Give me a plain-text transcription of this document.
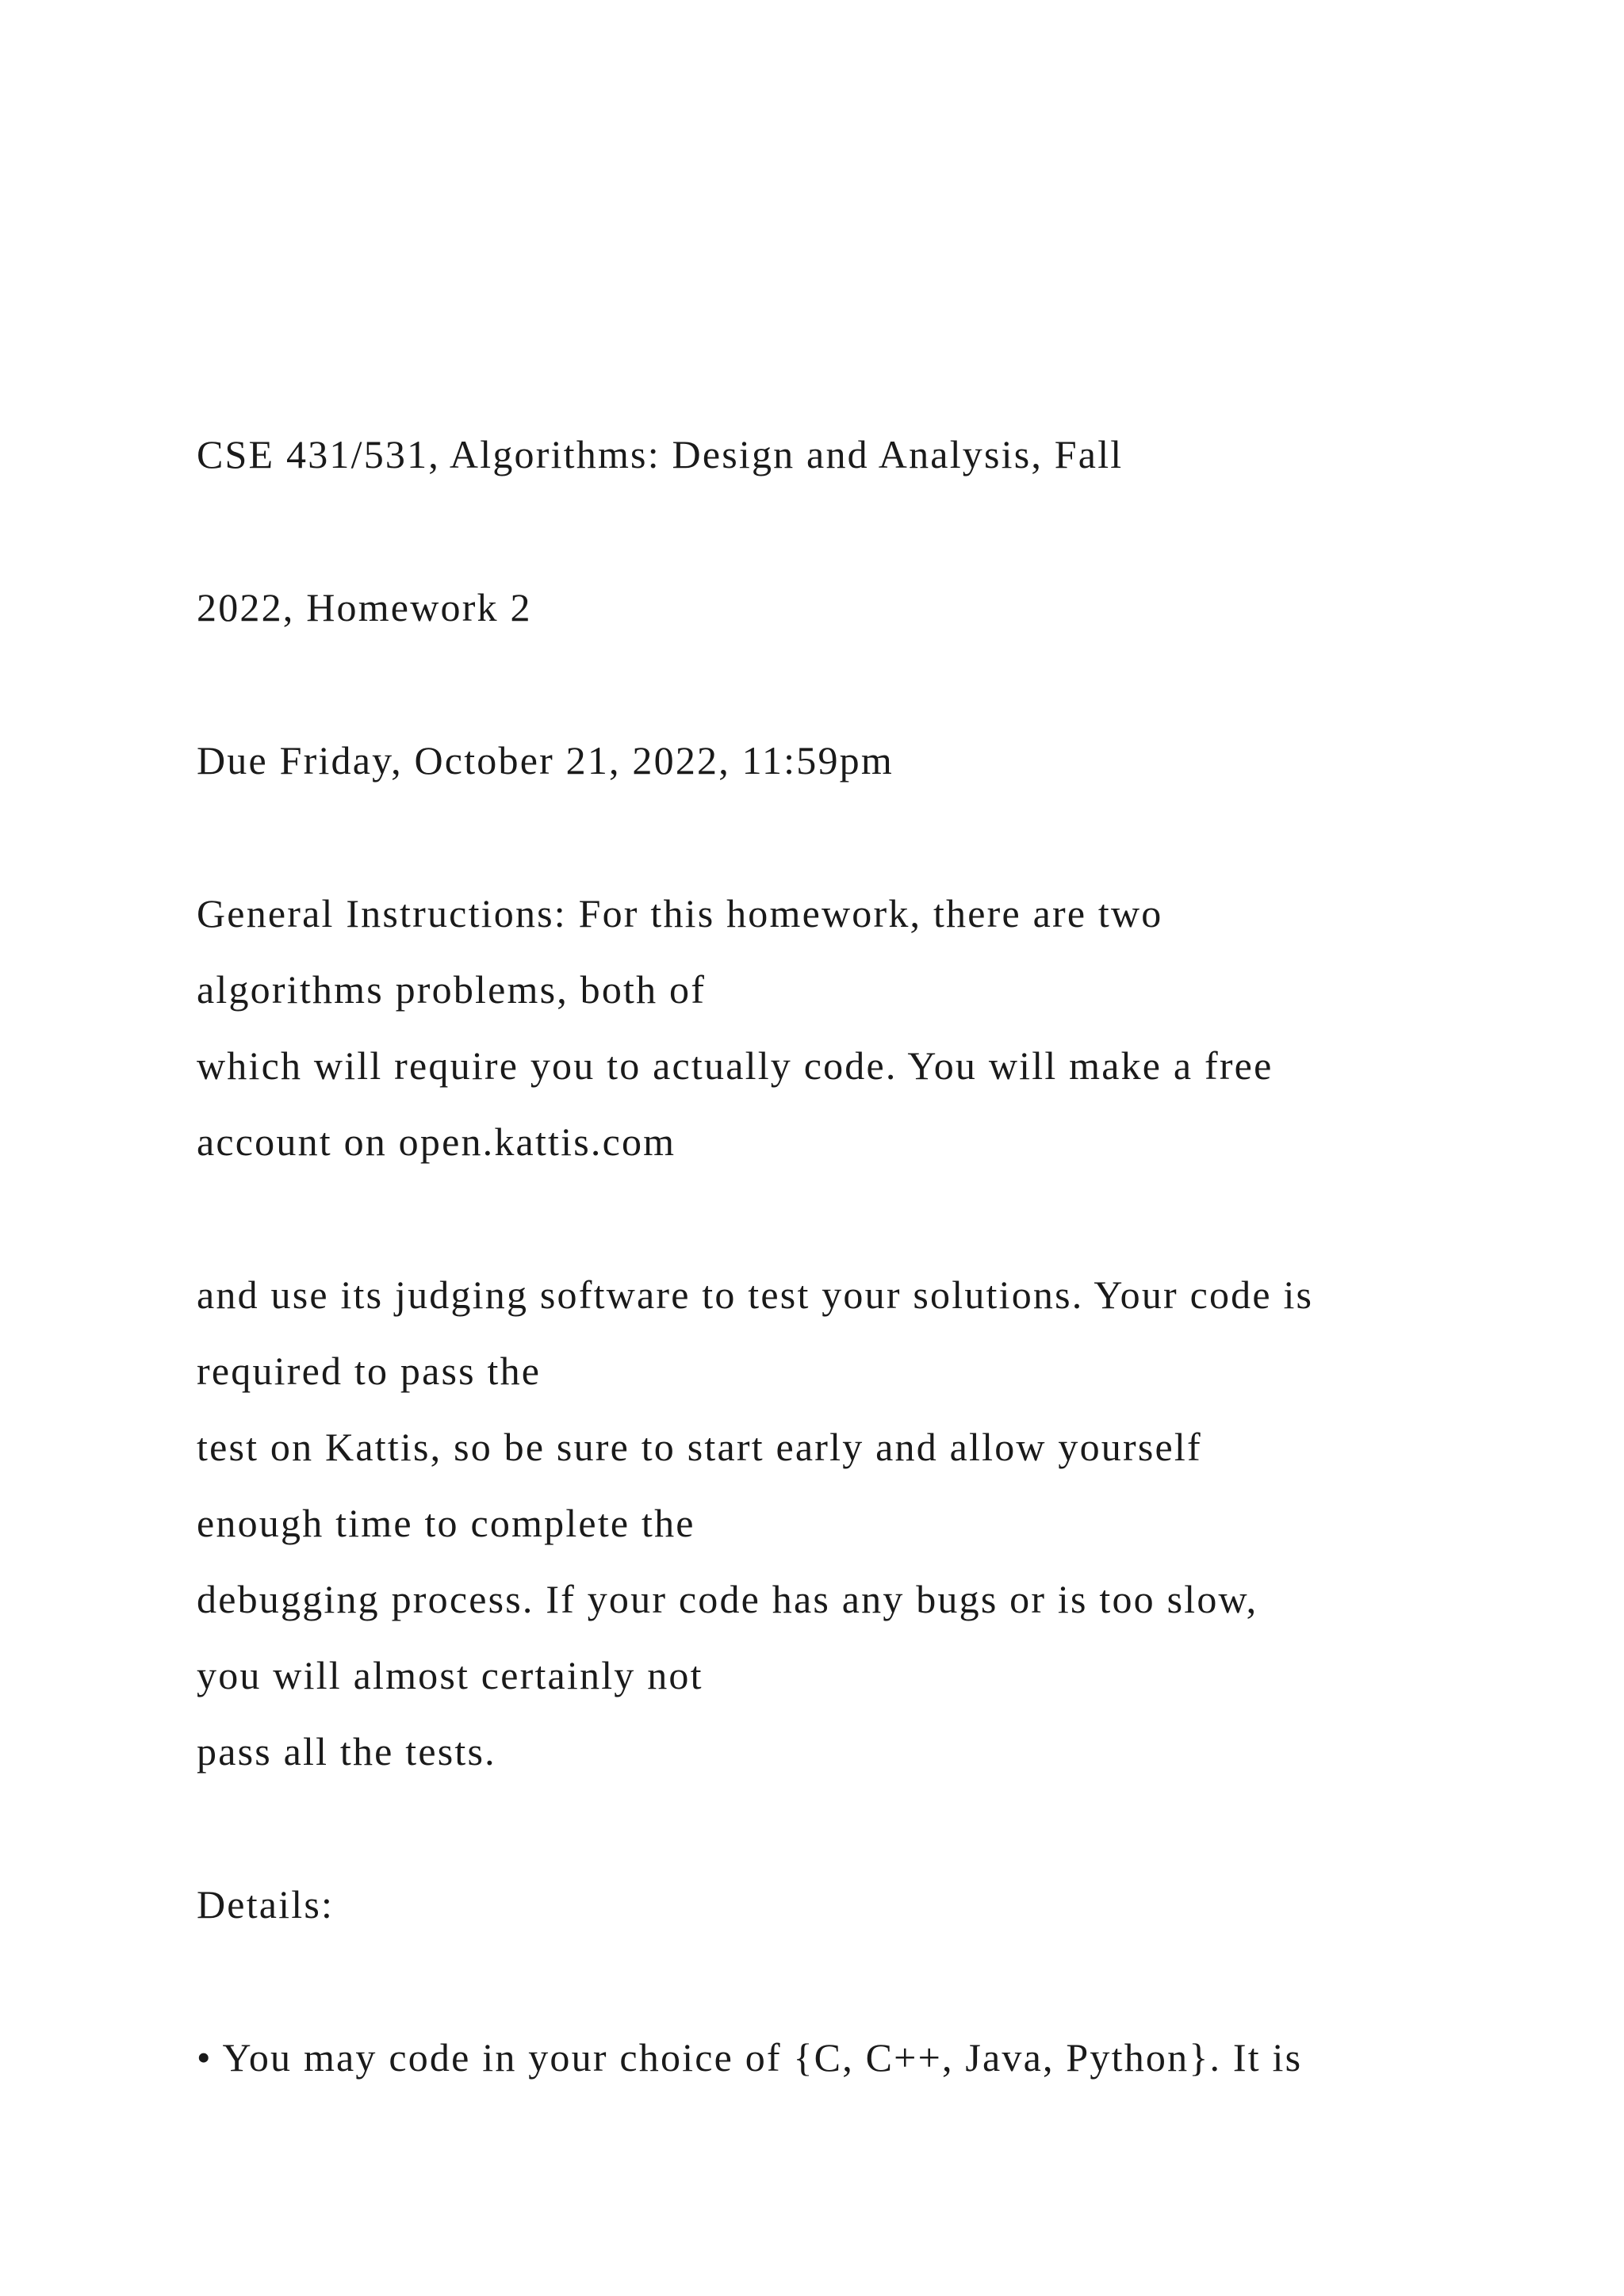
CSE 431/531, Algorithms: Design and Analysis, Fall

2022, Homework 2

Due Friday, October 21, 2022, 11:59pm

General Instructions: For this homework, there are two

algorithms problems, both of

which will require you to actually code. You will make a free

account on open.kattis.com

and use its judging software to test your solutions. Your code is

required to pass the

test on Kattis, so be sure to start early and allow yourself

enough time to complete the

debugging process. If your code has any bugs or is too slow,

you will almost certainly not

pass all the tests.

Details:

• You may code in your choice of {C, C++, Java, Python}. It is
